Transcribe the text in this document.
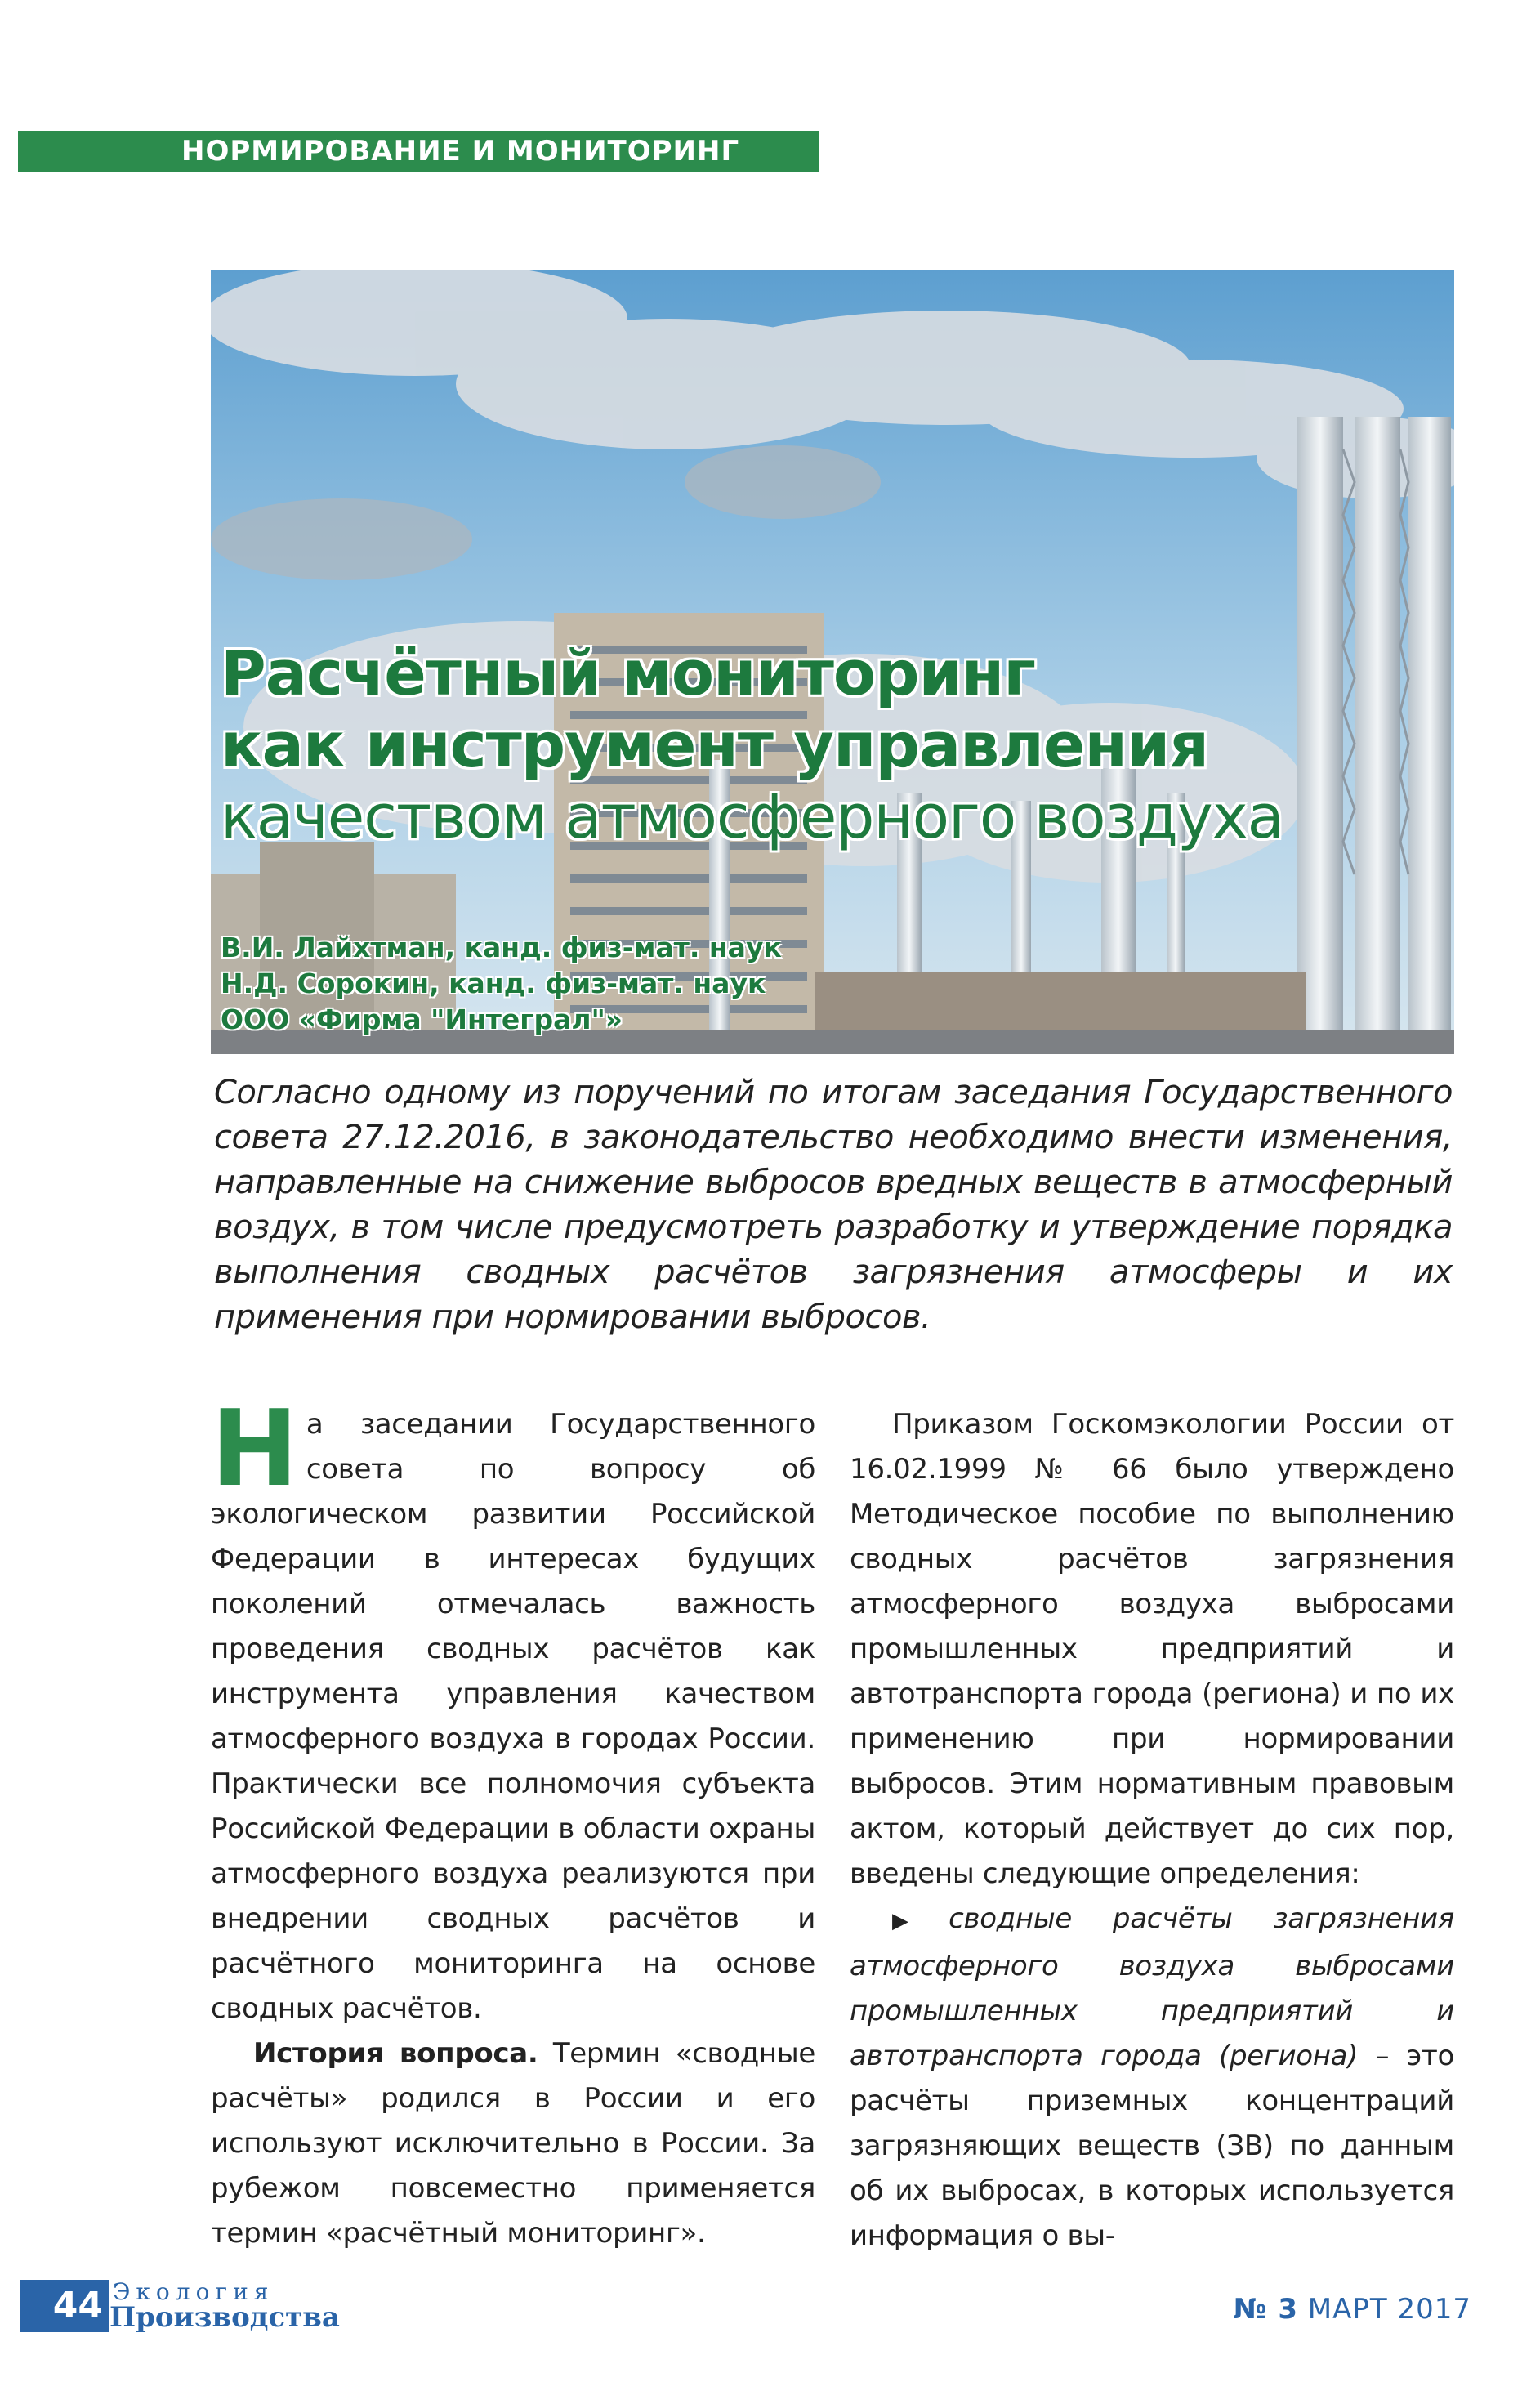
НОРМИРОВАНИЕ И МОНИТОРИНГ
Расчётный мониторинг
как инструмент управления
качеством атмосферного воздуха
В.И. Лайхтман, канд. физ-мат. наук
Н.Д. Сорокин, канд. физ-мат. наук
ООО «Фирма "Интеграл"»
Согласно одному из поручений по итогам заседания Государственного совета 27.12.2016, в законодательство необходимо внести изменения, направленные на снижение выбросов вредных веществ в атмосферный воздух, в том числе предусмотреть разработку и утверждение порядка выполнения сводных расчётов загрязнения атмосферы и их применения при нормировании выбросов.

На заседании Государственного совета по вопросу об экологическом развитии Российской Федерации в интересах будущих поколений отмечалась важность проведения сводных расчётов как инструмента управления качеством атмосферного воздуха в городах России. Практически все полномочия субъекта Российской Федерации в области охраны атмосферного воздуха реализуются при внедрении сводных расчётов и расчётного мониторинга на основе сводных расчётов.

История вопроса. Термин «сводные расчёты» родился в России и его используют исключительно в России. За рубежом повсеместно применяется термин «расчётный мониторинг».

Приказом Госкомэкологии России от 16.02.1999 № 66 было утверждено Методическое пособие по выполнению сводных расчётов загрязнения атмосферного воздуха выбросами промышленных предприятий и автотранспорта города (региона) и по их применению при нормировании выбросов. Этим нормативным правовым актом, который действует до сих пор, введены следующие определения:

▶ сводные расчёты загрязнения атмосферного воздуха выбросами промышленных предприятий и автотранспорта города (региона) – это расчёты приземных концентраций загрязняющих веществ (ЗВ) по данным об их выбросах, в которых используется информация о вы-

44 Экология
Производства	№ 3 МАРТ 2017
